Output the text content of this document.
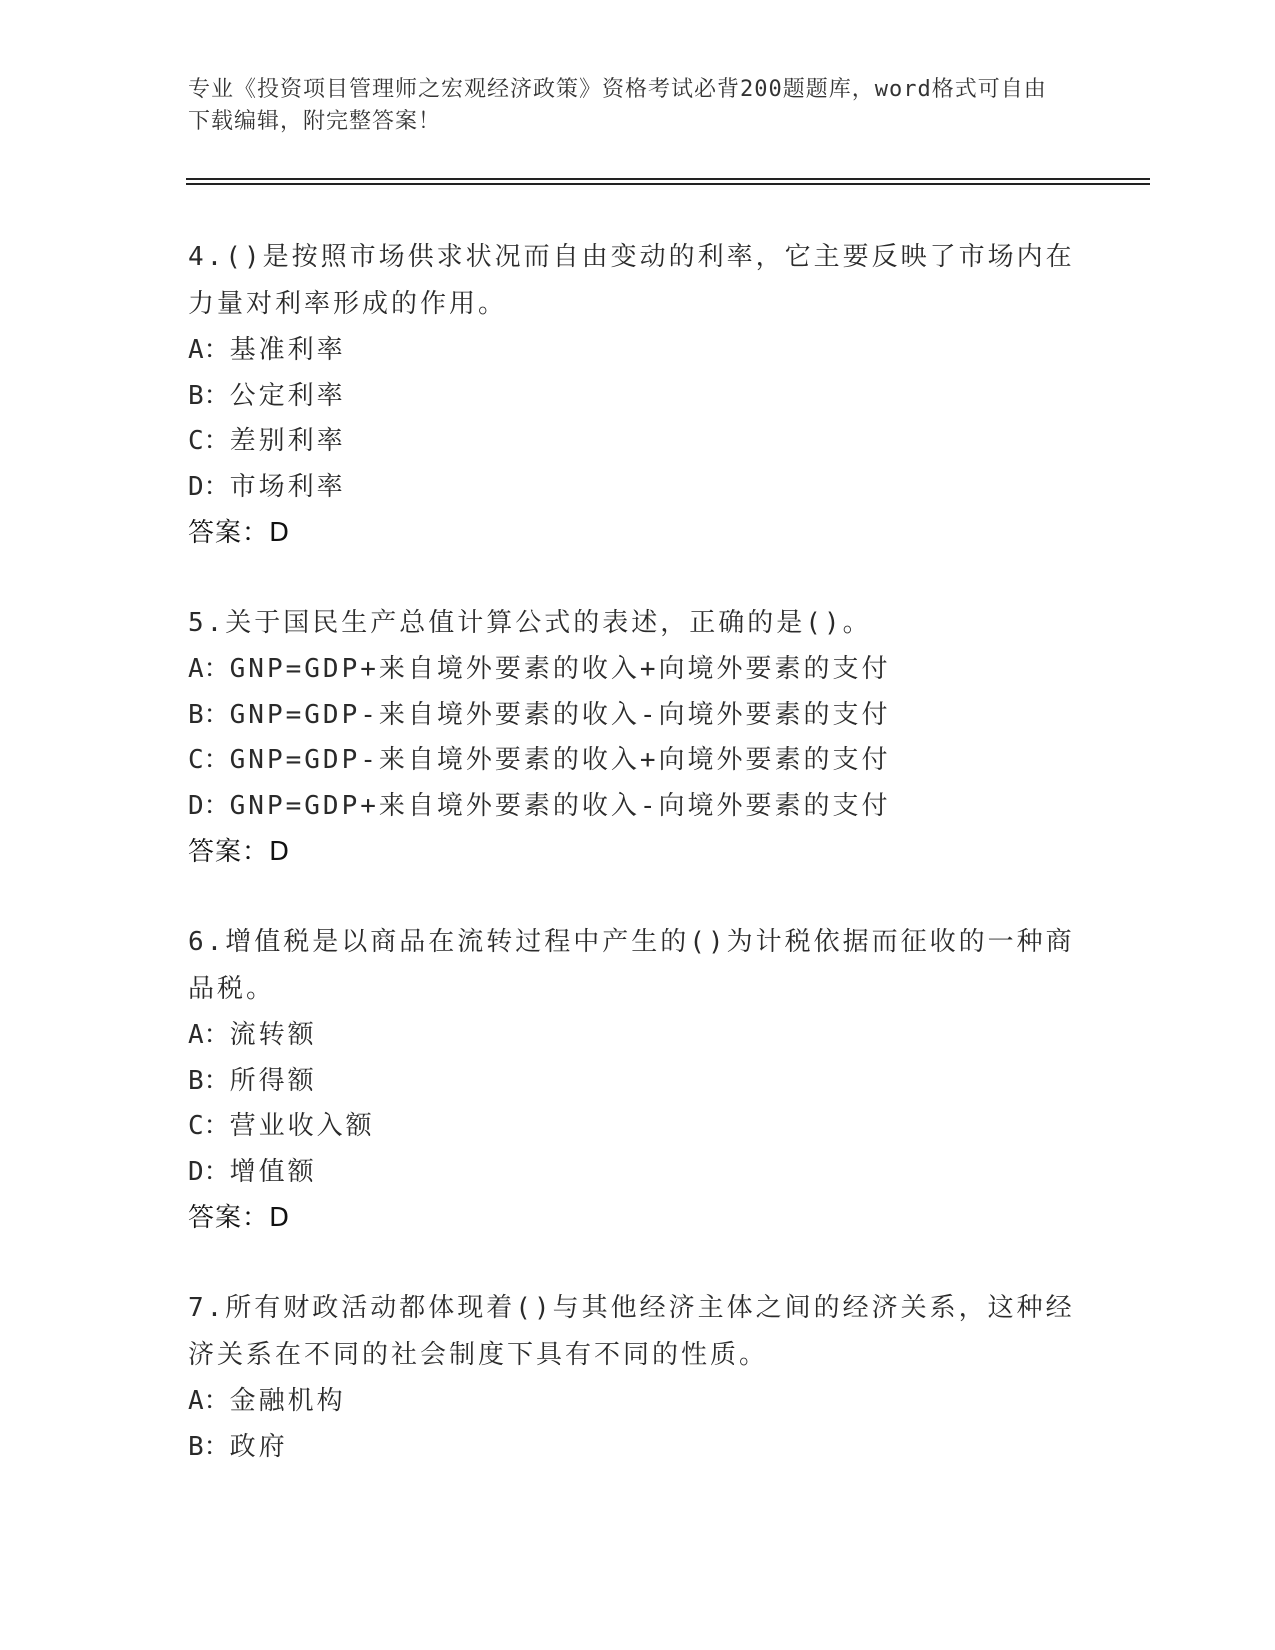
专业《投资项目管理师之宏观经济政策》资格考试必背200题题库，word格式可自由下载编辑，附完整答案！
4.()是按照市场供求状况而自由变动的利率，它主要反映了市场内在力量对利率形成的作用。
A：基准利率
B：公定利率
C：差别利率
D：市场利率
答案：D
5.关于国民生产总值计算公式的表述，正确的是()。
A：GNP=GDP+来自境外要素的收入+向境外要素的支付
B：GNP=GDP-来自境外要素的收入-向境外要素的支付
C：GNP=GDP-来自境外要素的收入+向境外要素的支付
D：GNP=GDP+来自境外要素的收入-向境外要素的支付
答案：D
6.增值税是以商品在流转过程中产生的()为计税依据而征收的一种商品税。
A：流转额
B：所得额
C：营业收入额
D：增值额
答案：D
7.所有财政活动都体现着()与其他经济主体之间的经济关系，这种经济关系在不同的社会制度下具有不同的性质。
A：金融机构
B：政府
